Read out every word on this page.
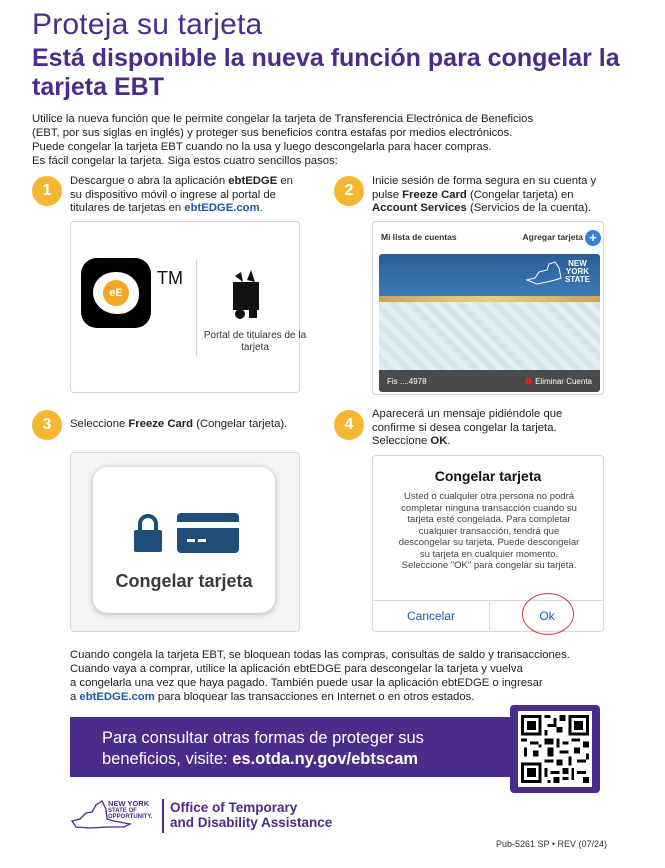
Proteja su tarjeta
Está disponible la nueva función para congelar la tarjeta EBT

Utilice la nueva función que le permite congelar la tarjeta de Transferencia Electrónica de Beneficios

(EBT, por sus siglas en inglés) y proteger sus beneficios contra estafas por medios electrónicos.

Puede congelar la tarjeta EBT cuando no la usa y luego descongelarla para hacer compras.

Es fácil congelar la tarjeta. Siga estos cuatro sencillos pasos:

1
Descargue o abra la aplicación ebtEDGE en su dispositivo móvil o ingrese al portal de titulares de tarjetas en ebtEDGE.com.
eE
TM
Portal de titulares de la tarjeta
2
Inicie sesión de forma segura en su cuenta y pulse Freeze Card (Congelar tarjeta) en Account Services (Servicios de la cuenta).
Mi lista de cuentas	Agregar tarjeta +
NEW
YORK
STATE
Fis ....4978	Eliminar Cuenta
3	Seleccione Freeze Card (Congelar tarjeta).
Congelar tarjeta
4
Aparecerá un mensaje pidiéndole que confirme si desea congelar la tarjeta. Seleccione OK.
Congelar tarjeta
Usted o cualquier otra persona no podrá completar ninguna transacción cuando su tarjeta esté congelada. Para completar cualquier transacción, tendrá que descongelar su tarjeta. Puede descongelar su tarjeta en cualquier momento. Seleccione "OK" para congelar su tarjeta.
Cancelar	Ok
Cuando congela la tarjeta EBT, se bloquean todas las compras, consultas de saldo y transacciones.
Cuando vaya a comprar, utilice la aplicación ebtEDGE para descongelar la tarjeta y vuelva
a congelarla una vez que haya pagado. También puede usar la aplicación ebtEDGE o ingresar
a ebtEDGE.com para bloquear las transacciones en Internet o en otros estados.
Para consultar otras formas de proteger sus beneficios, visite: es.otda.ny.gov/ebtscam
NEW YORK
STATE OF
OPPORTUNITY.
Office of Temporary
and Disability Assistance
Pub-5261 SP • REV (07/24)
